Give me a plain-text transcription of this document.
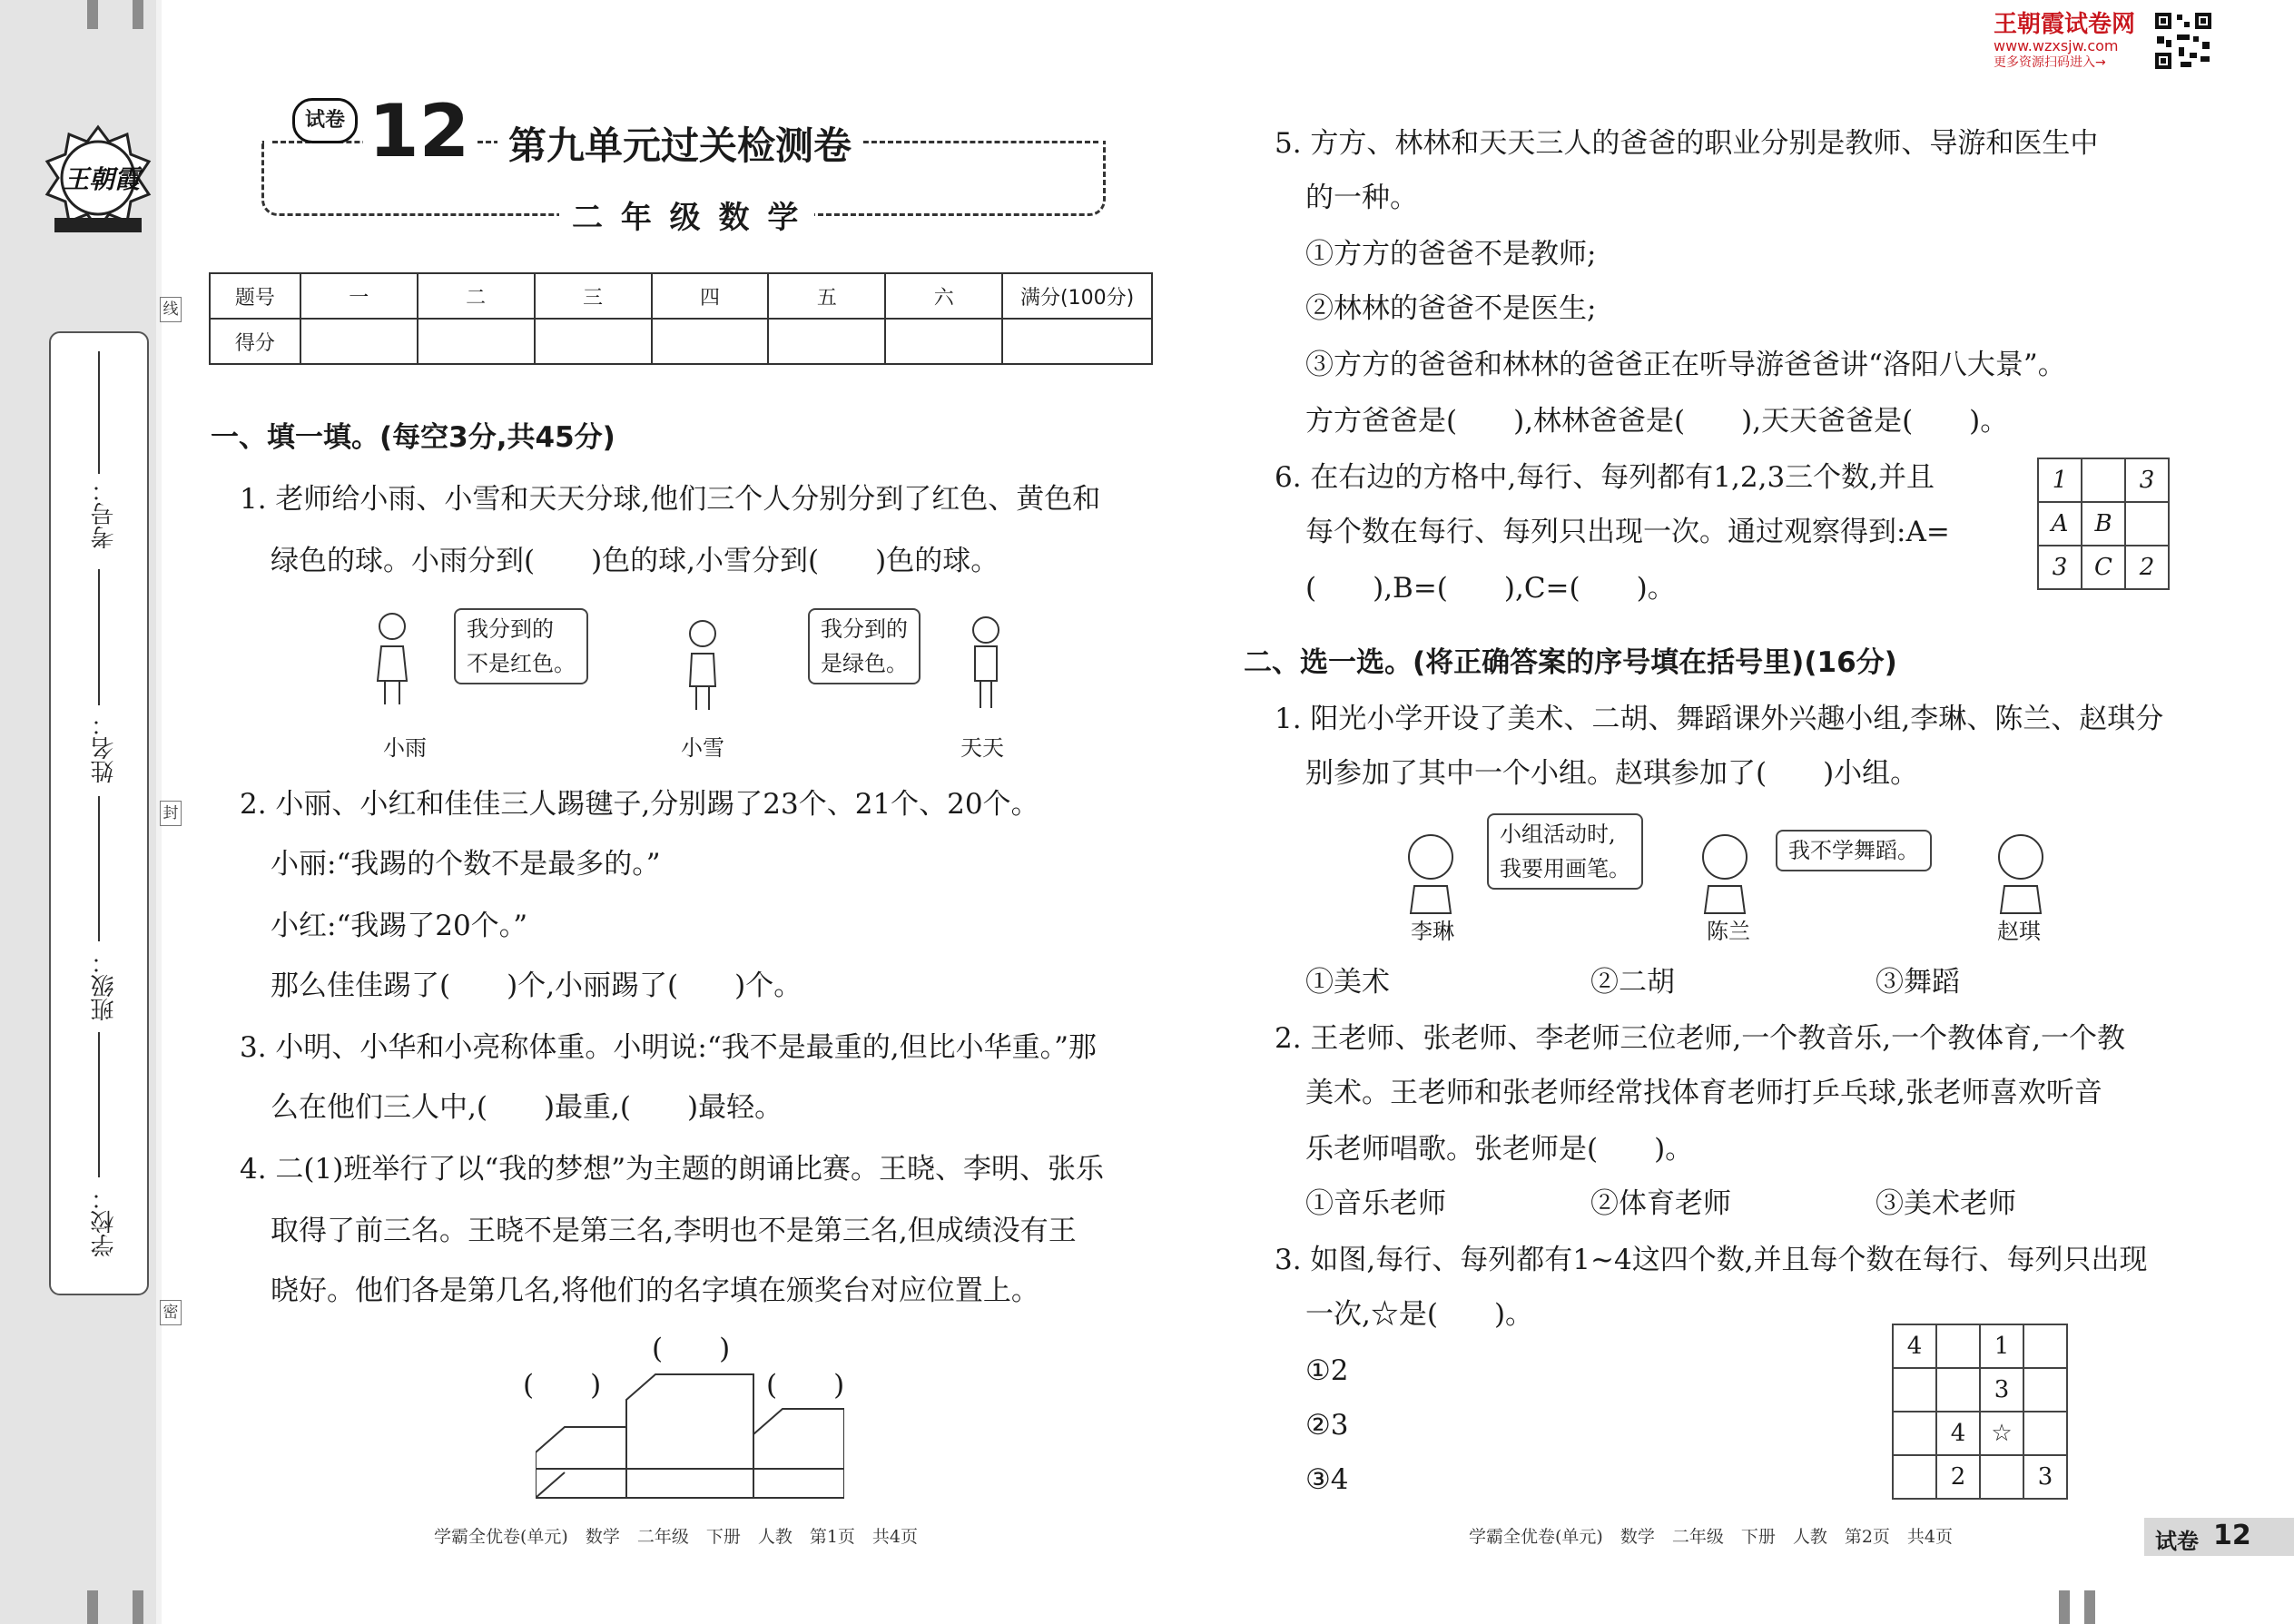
王朝霞
线
封
密
考号：
姓名：
班级：
学校：
试卷 12 第九单元过关检测卷
二 年 级 数 学
题号	一	二	三	四	五	六	满分(100分)
得分							
一、填一填。(每空3分,共45分)
1. 老师给小雨、小雪和天天分球,他们三个人分别分到了红色、黄色和
绿色的球。小雨分到(　　)色的球,小雪分到(　　)色的球。
我分到的
不是红色。
我分到的
是绿色。
小雨	小雪	天天
2. 小丽、小红和佳佳三人踢毽子,分别踢了23个、21个、20个。
小丽:“我踢的个数不是最多的。”
小红:“我踢了20个。”
那么佳佳踢了(　　)个,小丽踢了(　　)个。
3. 小明、小华和小亮称体重。小明说:“我不是最重的,但比小华重。”那
么在他们三人中,(　　)最重,(　　)最轻。
4. 二(1)班举行了以“我的梦想”为主题的朗诵比赛。王晓、李明、张乐
取得了前三名。王晓不是第三名,李明也不是第三名,但成绩没有王
晓好。他们各是第几名,将他们的名字填在颁奖台对应位置上。
(　　)
(　　)	(　　)
学霸全优卷(单元)　数学　二年级　下册　人教　第1页　共4页
王朝霞试卷网
www.wzxsjw.com
更多资源扫码进入→
5. 方方、林林和天天三人的爸爸的职业分别是教师、导游和医生中
的一种。
①方方的爸爸不是教师;
②林林的爸爸不是医生;
③方方的爸爸和林林的爸爸正在听导游爸爸讲“洛阳八大景”。
方方爸爸是(　　),林林爸爸是(　　),天天爸爸是(　　)。
6. 在右边的方格中,每行、每列都有1,2,3三个数,并且
每个数在每行、每列只出现一次。通过观察得到:A=
(　　),B=(　　),C=(　　)。
1		3
A	B	
3	C	2
二、选一选。(将正确答案的序号填在括号里)(16分)
1. 阳光小学开设了美术、二胡、舞蹈课外兴趣小组,李琳、陈兰、赵琪分
别参加了其中一个小组。赵琪参加了(　　)小组。
小组活动时,
我要用画笔。
我不学舞蹈。
李琳	陈兰	赵琪
①美术	②二胡	③舞蹈
2. 王老师、张老师、李老师三位老师,一个教音乐,一个教体育,一个教
美术。王老师和张老师经常找体育老师打乒乓球,张老师喜欢听音
乐老师唱歌。张老师是(　　)。
①音乐老师	②体育老师	③美术老师
3. 如图,每行、每列都有1~4这四个数,并且每个数在每行、每列只出现
一次,☆是(　　)。
①2
②3
③4
4		1	
		3	
	4	☆	
	2		3
学霸全优卷(单元)　数学　二年级　下册　人教　第2页　共4页	试卷 12
